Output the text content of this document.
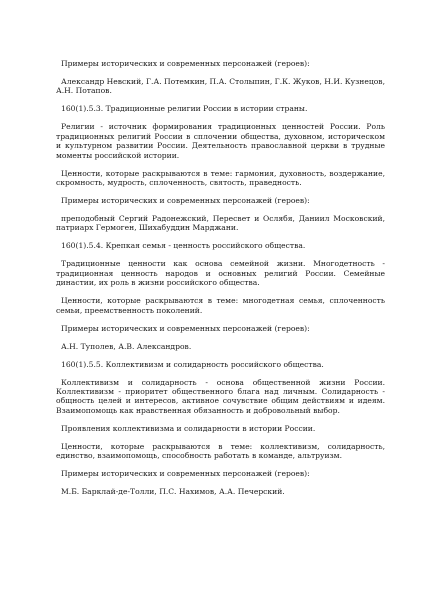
Примеры исторических и современных персонажей (героев):

Александр Невский, Г.А. Потемкин, П.А. Столыпин, Г.К. Жуков, Н.И. Кузнецов, А.Н. Потапов.

160(1).5.3. Традиционные религии России в истории страны.

Религии - источник формирования традиционных ценностей России. Роль традиционных религий России в сплочении общества, духовном, историческом и культурном развитии России. Деятельность православной церкви в трудные моменты российской истории.

Ценности, которые раскрываются в теме: гармония, духовность, воздержание, скромность, мудрость, сплоченность, святость, праведность.

Примеры исторических и современных персонажей (героев):

преподобный Сергий Радонежский, Пересвет и Ослябя, Даниил Московский, патриарх Гермоген, Шихабуддин Марджани.

160(1).5.4. Крепкая семья - ценность российского общества.

Традиционные ценности как основа семейной жизни. Многодетность - традиционная ценность народов и основных религий России. Семейные династии, их роль в жизни российского общества.

Ценности, которые раскрываются в теме: многодетная семья, сплоченность семьи, преемственность поколений.

Примеры исторических и современных персонажей (героев):

А.Н. Туполев, А.В. Александров.

160(1).5.5. Коллективизм и солидарность российского общества.

Коллективизм и солидарность - основа общественной жизни России. Коллективизм - приоритет общественного блага над личным. Солидарность - общность целей и интересов, активное сочувствие общим действиям и идеям. Взаимопомощь как нравственная обязанность и добровольный выбор.

Проявления коллективизма и солидарности в истории России.

Ценности, которые раскрываются в теме: коллективизм, солидарность, единство, взаимопомощь, способность работать в команде, альтруизм.

Примеры исторических и современных персонажей (героев):

М.Б. Барклай-де-Толли, П.С. Нахимов, А.А. Печерский.
